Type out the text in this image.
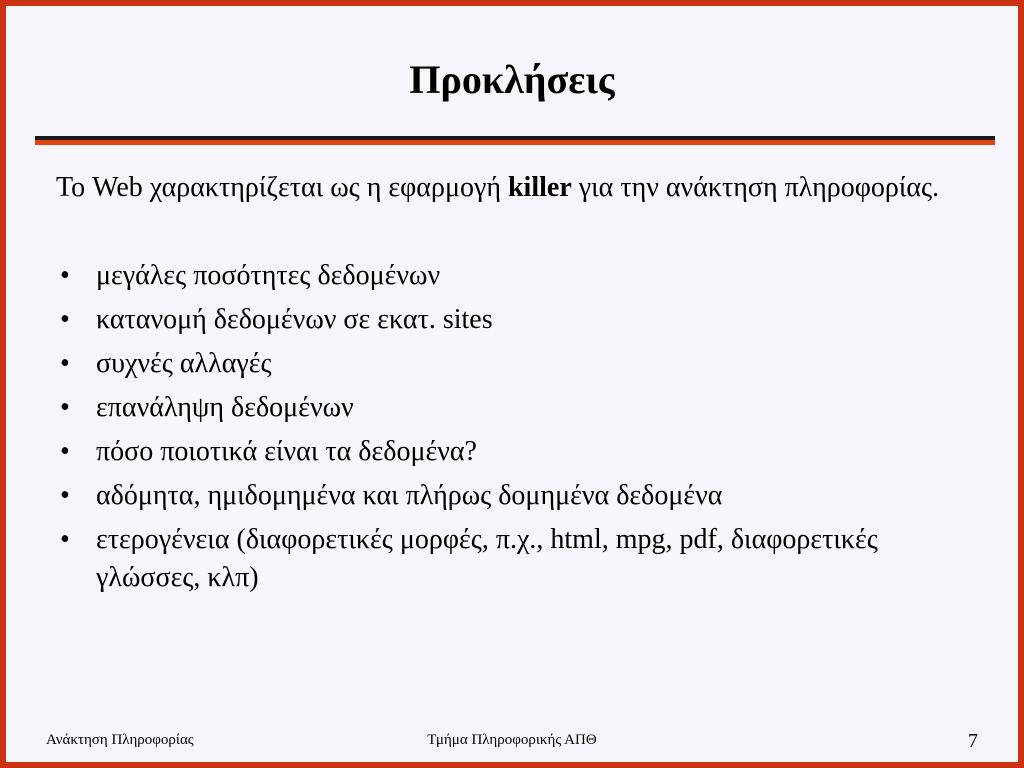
Προκλήσεις

Το Web χαρακτηρίζεται ως η εφαρμογή killer για την ανάκτηση πληροφορίας.

• μεγάλες ποσότητες δεδομένων
• κατανομή δεδομένων σε εκατ. sites
• συχνές αλλαγές
• επανάληψη δεδομένων
• πόσο ποιοτικά είναι τα δεδομένα?
• αδόμητα, ημιδομημένα και πλήρως δομημένα δεδομένα
• ετερογένεια (διαφορετικές μορφές, π.χ., html, mpg, pdf, διαφορετικές γλώσσες, κλπ)
Ανάκτηση Πληροφορίας	Τμήμα Πληροφορικής ΑΠΘ	7
